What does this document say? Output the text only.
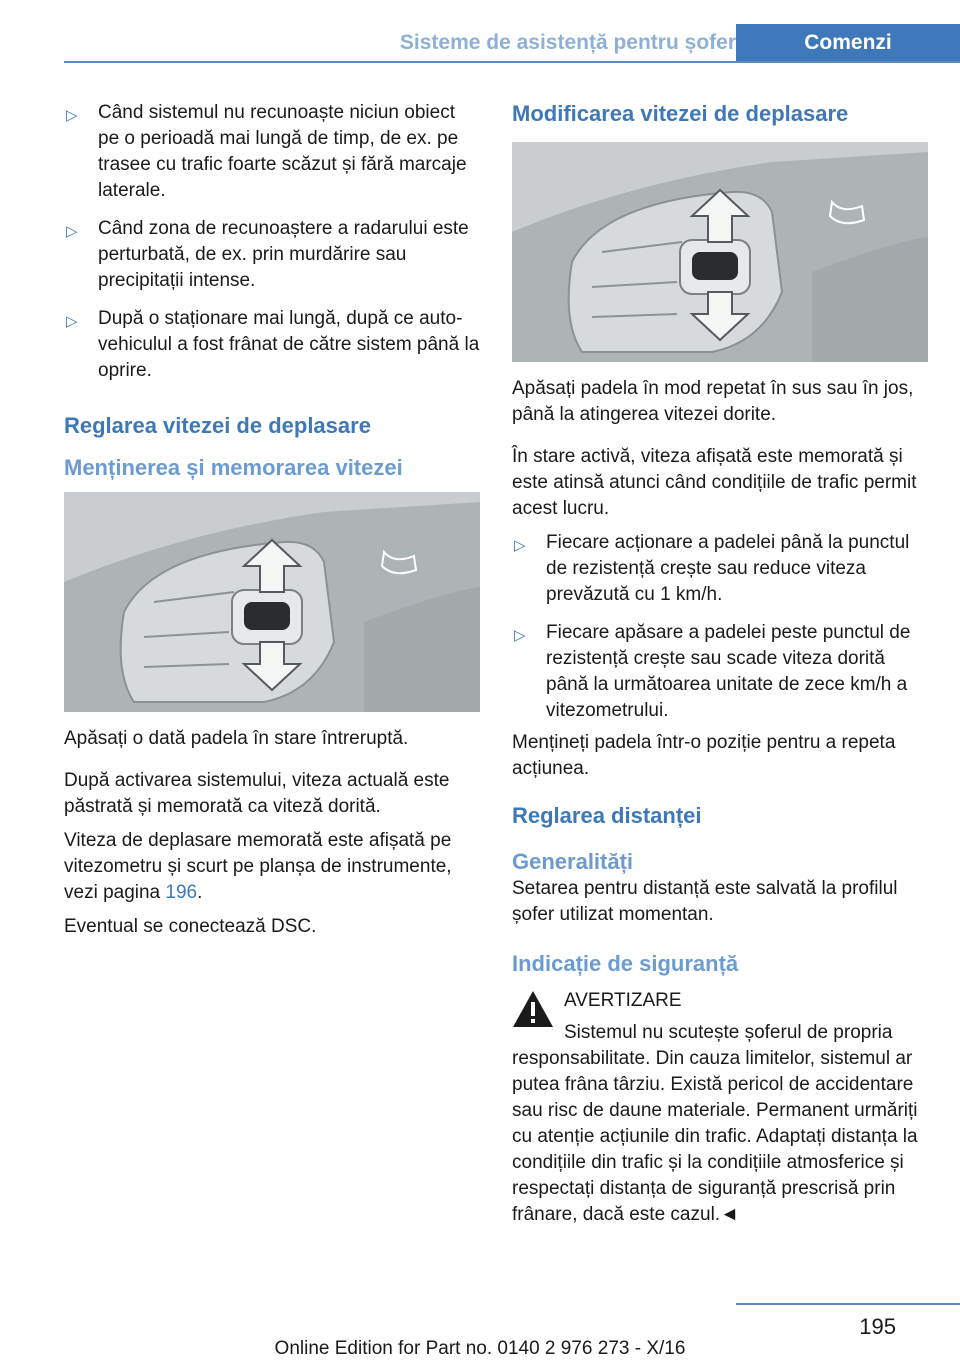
Sisteme de asistență pentru șofer	Comenzi
▷ Când sistemul nu recunoaște niciun obiect pe o perioadă mai lungă de timp, de ex. pe trasee cu trafic foarte scăzut și fără marcaje laterale.
▷ Când zona de recunoaștere a radarului este perturbată, de ex. prin murdărire sau precipitații intense.
▷ După o staționare mai lungă, după ce autovehiculul a fost frânat de către sistem până la oprire.
Reglarea vitezei de deplasare
Menținerea și memorarea vitezei

Apăsați o dată padela în stare întreruptă.

După activarea sistemului, viteza actuală este păstrată și memorată ca viteză dorită.

Viteza de deplasare memorată este afișată pe vitezometru și scurt pe planșa de instrumente, vezi pagina 196.

Eventual se conectează DSC.

Modificarea vitezei de deplasare

Apăsați padela în mod repetat în sus sau în jos, până la atingerea vitezei dorite.

În stare activă, viteza afișată este memorată și este atinsă atunci când condițiile de trafic permit acest lucru.

▷ Fiecare acționare a padelei până la punctul de rezistență crește sau reduce viteza prevăzută cu 1 km/h.
▷ Fiecare apăsare a padelei peste punctul de rezistență crește sau scade viteza dorită până la următoarea unitate de zece km/h a vitezometrului.

Mențineți padela într-o poziție pentru a repeta acțiunea.

Reglarea distanței
Generalități

Setarea pentru distanță este salvată la profilul șofer utilizat momentan.

Indicație de siguranță

AVERTIZARE

Sistemul nu scutește șoferul de propria responsabilitate. Din cauza limitelor, sistemul ar putea frâna târziu. Există pericol de accidentare sau risc de daune materiale. Permanent urmăriți cu atenție acțiunile din trafic. Adaptați distanța la condițiile din trafic și la condițiile atmosferice și respectați distanța de siguranță prescrisă prin frânare, dacă este cazul.◄

195
Online Edition for Part no. 0140 2 976 273 - X/16
